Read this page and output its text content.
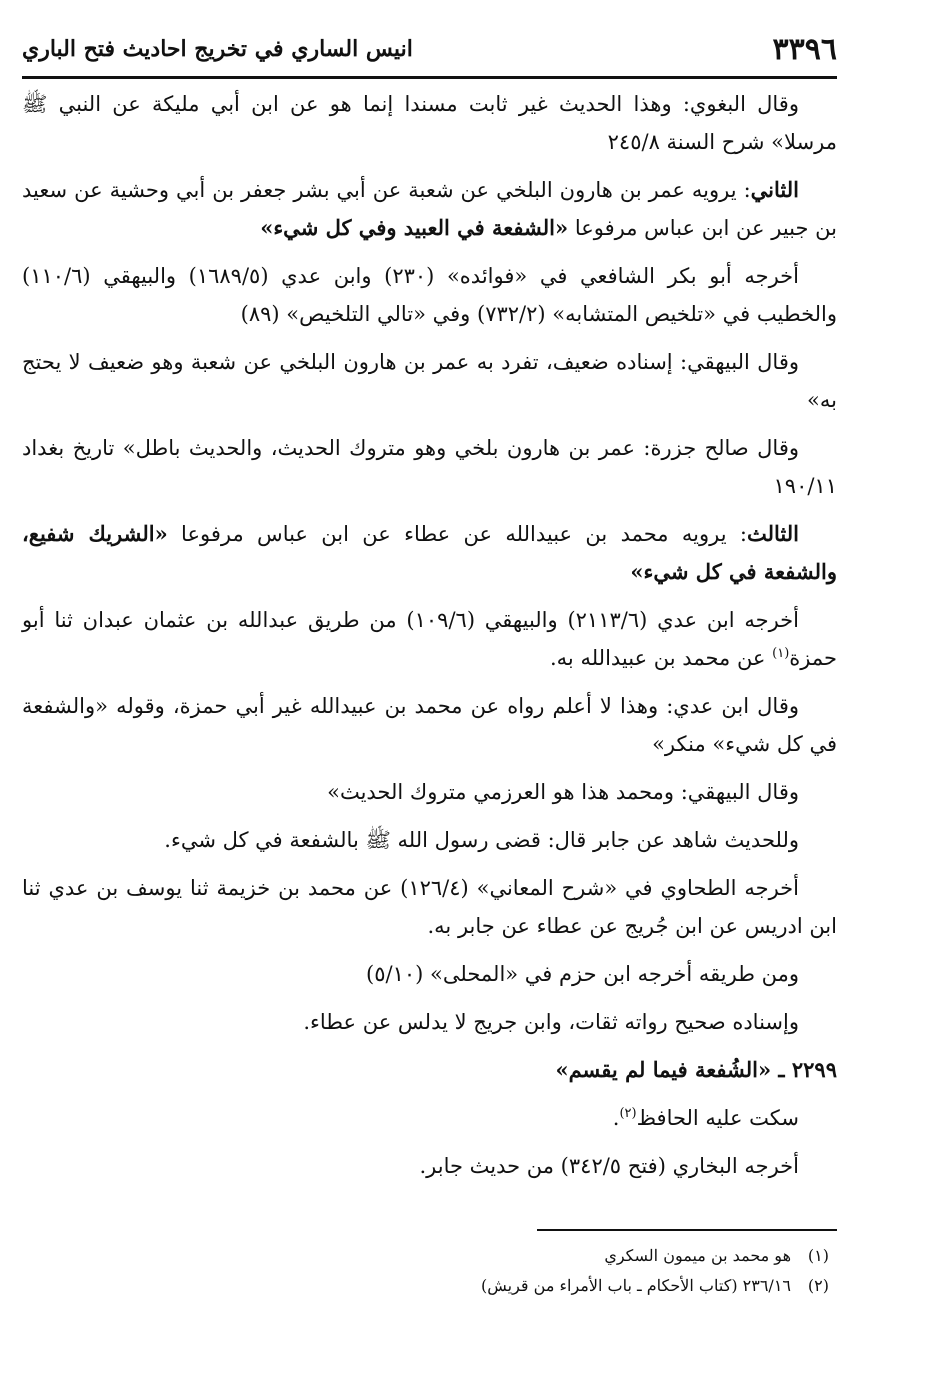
٣٣٩٦
انيس الساري في تخريج احاديث فتح الباري

وقال البغوي: وهذا الحديث غير ثابت مسندا إنما هو عن ابن أبي مليكة عن النبي ﷺ مرسلا» شرح السنة ٢٤٥/٨

الثاني: يرويه عمر بن هارون البلخي عن شعبة عن أبي بشر جعفر بن أبي وحشية عن سعيد بن جبير عن ابن عباس مرفوعا «الشفعة في العبيد وفي كل شيء»

أخرجه أبو بكر الشافعي في «فوائده» (٢٣٠) وابن عدي (١٦٨٩/٥) والبيهقي (١١٠/٦) والخطيب في «تلخيص المتشابه» (٧٣٢/٢) وفي «تالي التلخيص» (٨٩)

وقال البيهقي: إسناده ضعيف، تفرد به عمر بن هارون البلخي عن شعبة وهو ضعيف لا يحتج به»

وقال صالح جزرة: عمر بن هارون بلخي وهو متروك الحديث، والحديث باطل» تاريخ بغداد ١٩٠/١١

الثالث: يرويه محمد بن عبيدالله عن عطاء عن ابن عباس مرفوعا «الشريك شفيع، والشفعة في كل شيء»

أخرجه ابن عدي (٢١١٣/٦) والبيهقي (١٠٩/٦) من طريق عبدالله بن عثمان عبدان ثنا أبو حمزة$^{(١)}$ عن محمد بن عبيدالله به.

وقال ابن عدي: وهذا لا أعلم رواه عن محمد بن عبيدالله غير أبي حمزة، وقوله «والشفعة في كل شيء» منكر»

وقال البيهقي: ومحمد هذا هو العرزمي متروك الحديث»

وللحديث شاهد عن جابر قال: قضى رسول الله ﷺ بالشفعة في كل شيء.

أخرجه الطحاوي في «شرح المعاني» (١٢٦/٤) عن محمد بن خزيمة ثنا يوسف بن عدي ثنا ابن ادريس عن ابن جُريج عن عطاء عن جابر به.

ومن طريقه أخرجه ابن حزم في «المحلى» (٥/١٠)

وإسناده صحيح رواته ثقات، وابن جريج لا يدلس عن عطاء.

٢٢٩٩ ـ «الشُفعة فيما لم يقسم»

سكت عليه الحافظ$^{(٢)}$.

أخرجه البخاري (فتح ٣٤٢/٥) من حديث جابر.

(١)هو محمد بن ميمون السكري

(٢)٢٣٦/١٦ (كتاب الأحكام ـ باب الأمراء من قريش)
